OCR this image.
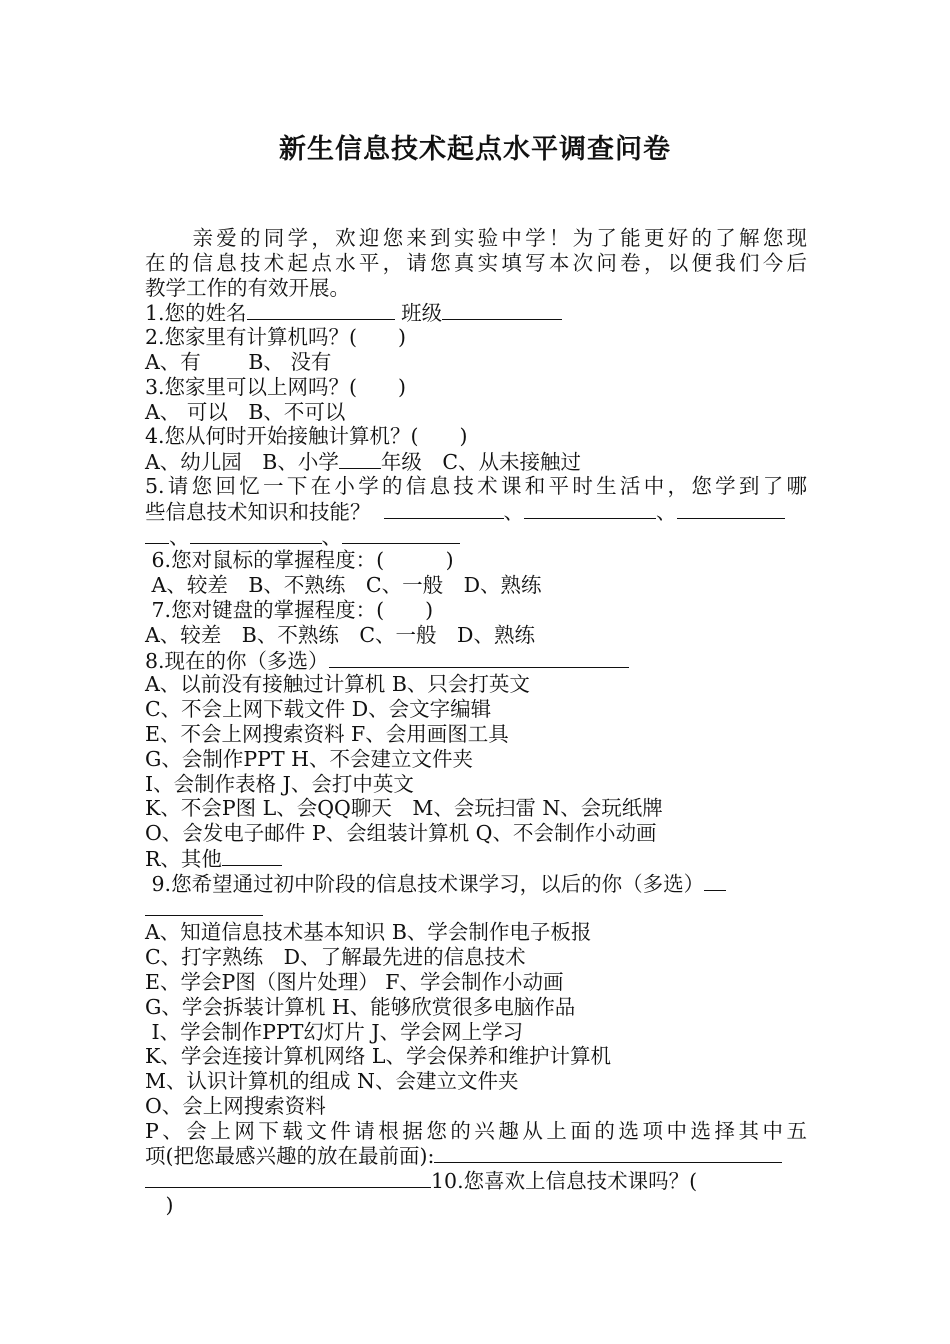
新生信息技术起点水平调查问卷
　　亲爱的同学，欢迎您来到实验中学！为了能更好的了解您现
在的信息技术起点水平，请您真实填写本次问卷，以便我们今后
教学工作的有效开展。
1.您的姓名	班级
2.您家里有计算机吗？(　　)
A、有　　 B、 没有
3.您家里可以上网吗？(　　)
A、 可以　B、不可以
4.您从何时开始接触计算机？(　　)
A、幼儿园　B、小学 年级　C、从未接触过
5.请您回忆一下在小学的信息技术课和平时生活中，您学到了哪
些信息技术知识和技能？	、	、
、	、
6.您对鼠标的掌握程度：(　　　)
A、较差　B、不熟练　C、一般　D、熟练
7.您对键盘的掌握程度：(　　)
A、较差　B、不熟练　C、一般　D、熟练
8.现在的你（多选）
A、以前没有接触过计算机 B、只会打英文
C、不会上网下载文件 D、会文字编辑
E、不会上网搜索资料 F、会用画图工具
G、会制作PPT H、不会建立文件夹
I、会制作表格 J、会打中英文
K、不会P图 L、会QQ聊天　M、会玩扫雷 N、会玩纸牌
O、会发电子邮件 P、会组装计算机 Q、不会制作小动画
R、其他
9.您希望通过初中阶段的信息技术课学习，以后的你（多选）
A、知道信息技术基本知识 B、学会制作电子板报
C、打字熟练　D、了解最先进的信息技术
E、学会P图（图片处理） F、学会制作小动画
G、学会拆装计算机 H、能够欣赏很多电脑作品
I、学会制作PPT幻灯片 J、学会网上学习
K、学会连接计算机网络 L、学会保养和维护计算机
M、认识计算机的组成 N、会建立文件夹
O、会上网搜索资料
P、会上网下载文件请根据您的兴趣从上面的选项中选择其中五
项(把您最感兴趣的放在最前面):
10.您喜欢上信息技术课吗？(
　)
